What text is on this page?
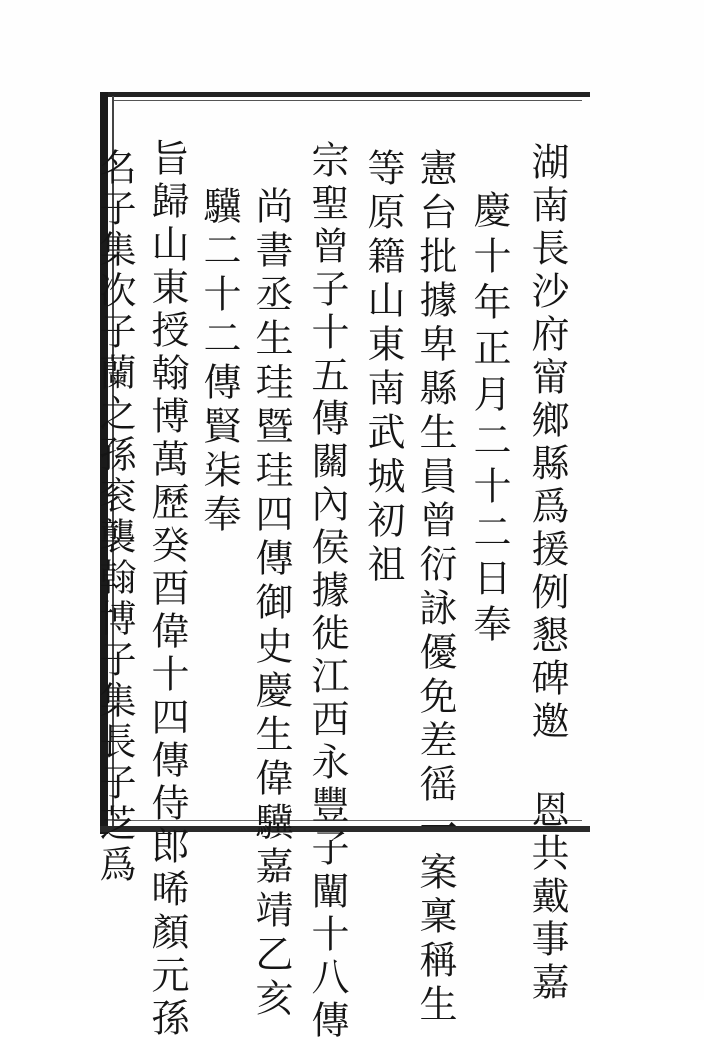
湖南長沙府甯鄉縣爲援例懇碑邀恩共戴事嘉
慶十年正月二十二日奉
憲台批據卑縣生員曾衍詠優免差徭一案稟稱生
等原籍山東南武城初祖
宗聖曾子十五傳關內侯據徙江西永豐子闡十八傳
尚書丞生珪暨珪四傳御史慶生偉驥嘉靖乙亥
驥二十二傳賢㭍奉
旨歸山東授翰博萬歷癸酉偉十四傳侍郎晞顏元孫
名子集次子蘭之孫衮襲翰博子集長子芝爲
